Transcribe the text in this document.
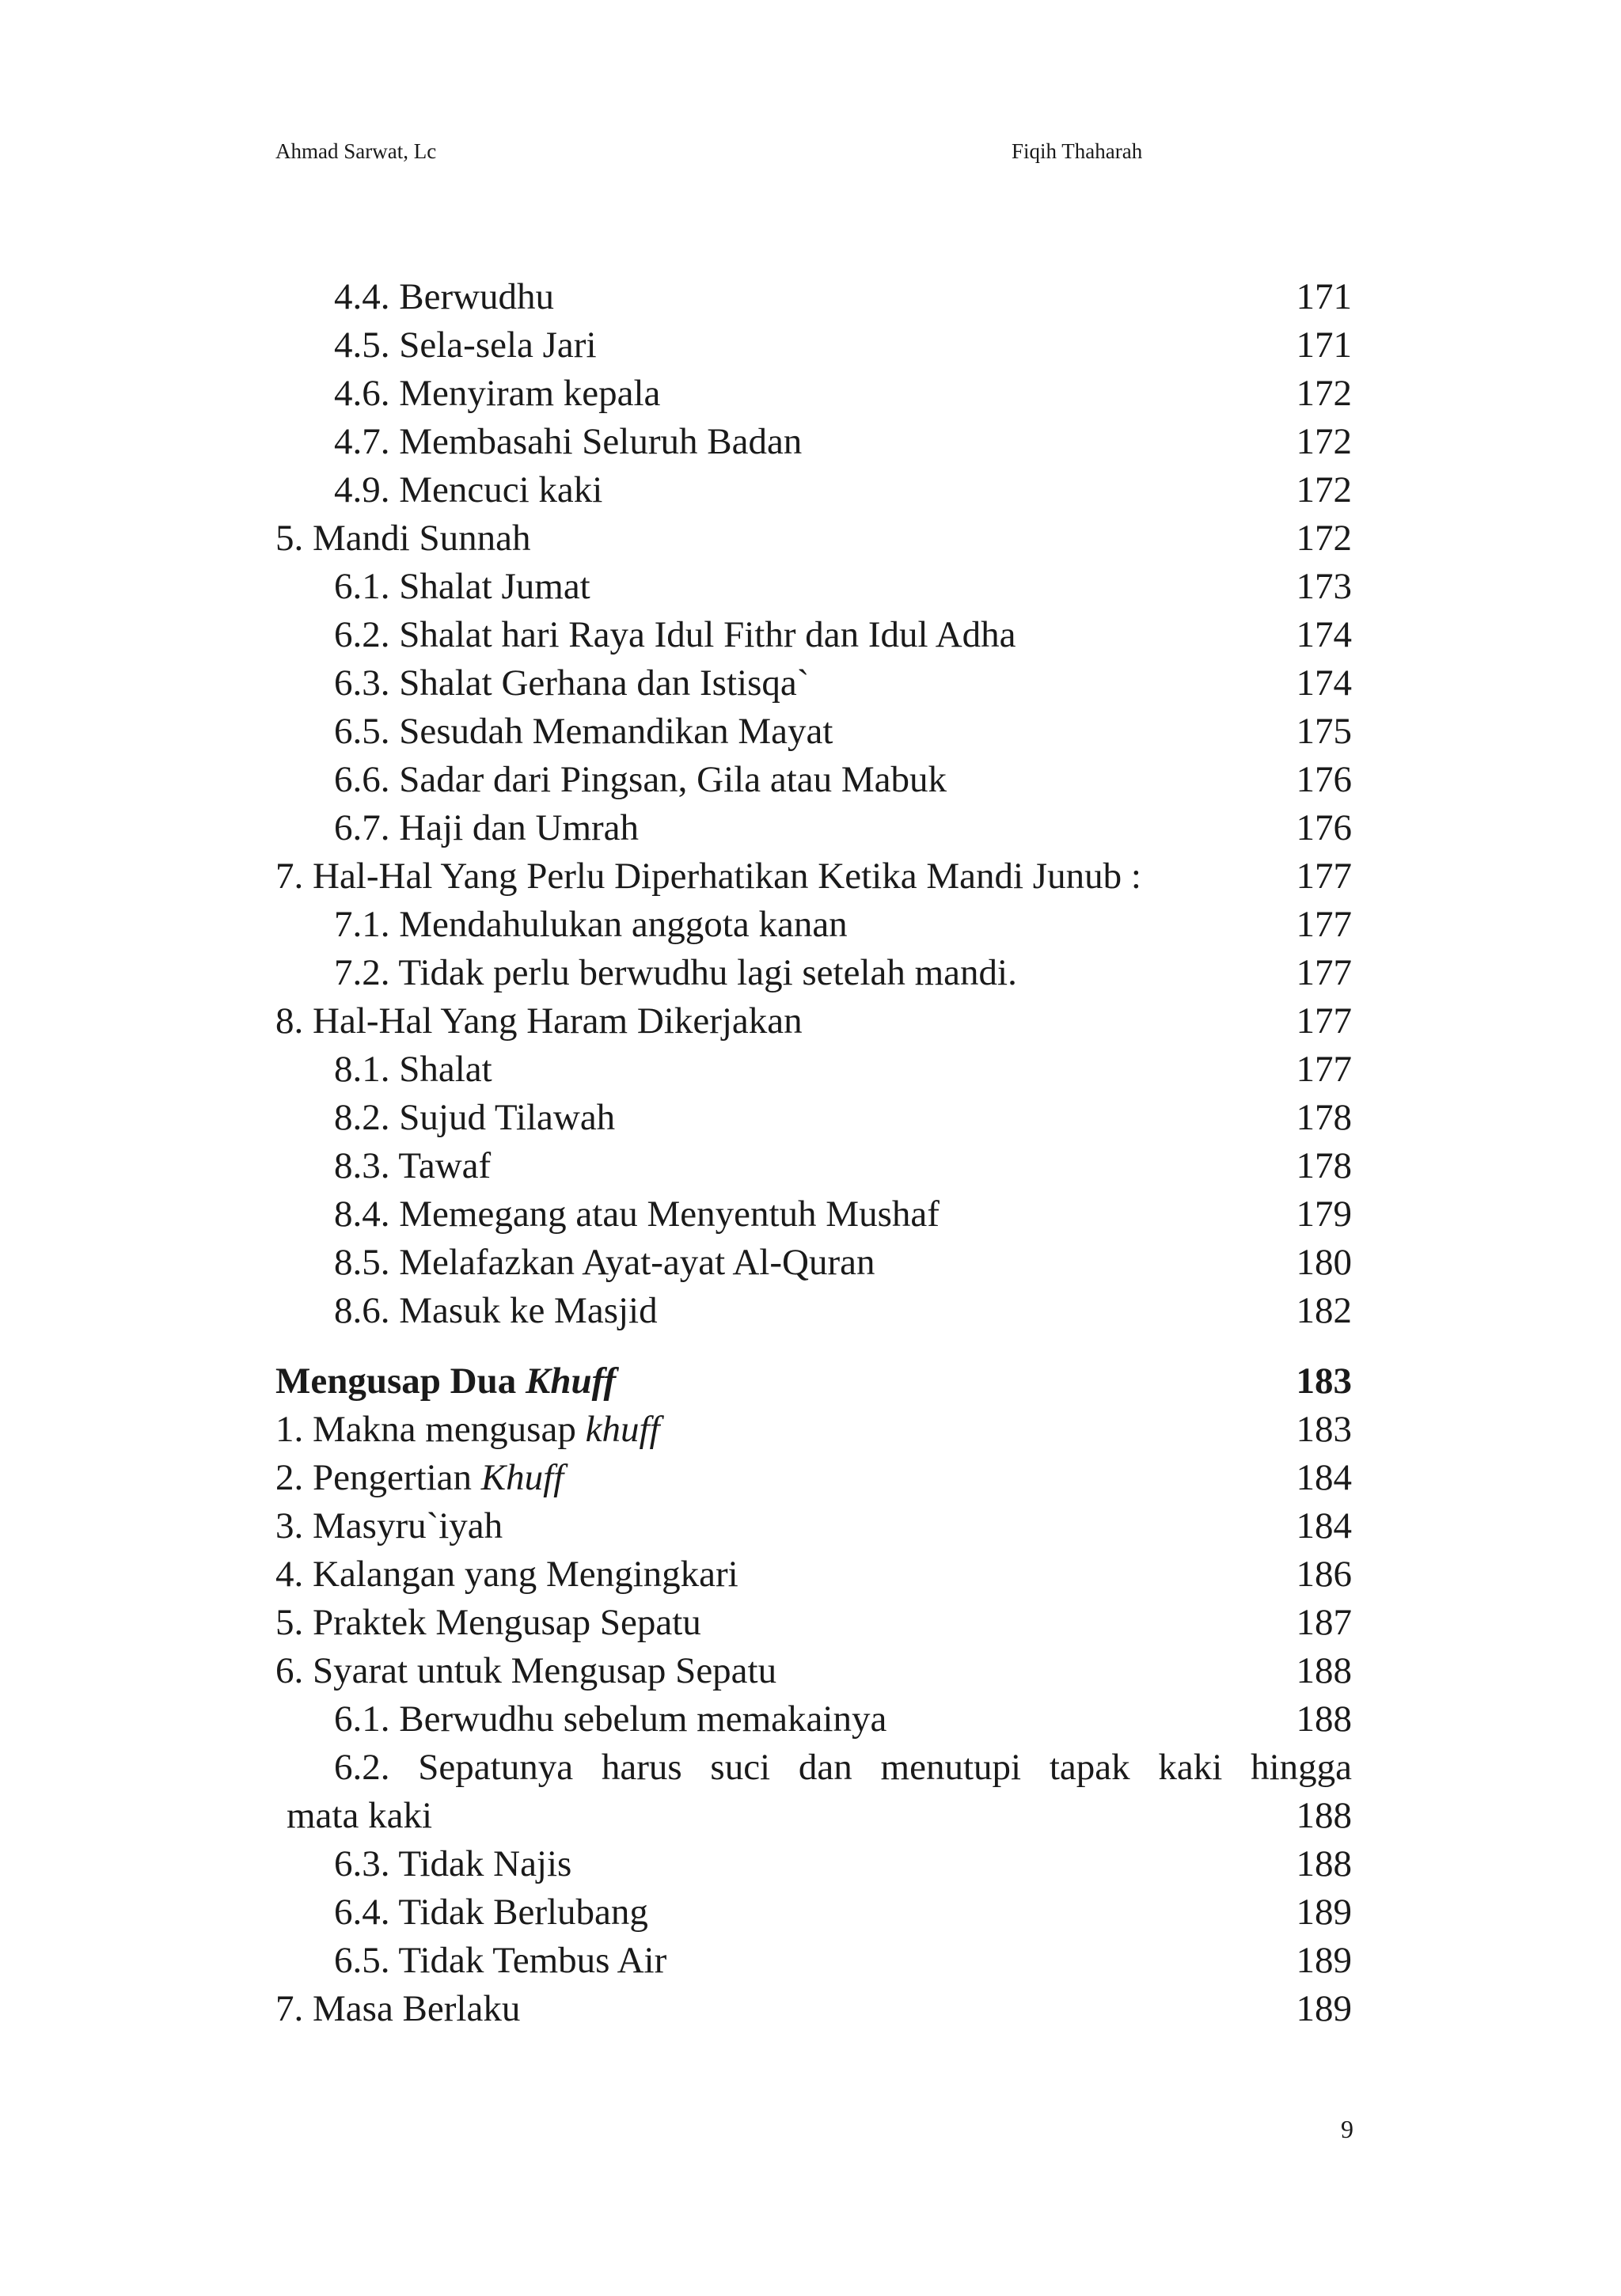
Ahmad Sarwat, Lc	Fiqih Thaharah
4.4. Berwudhu	171
4.5. Sela-sela Jari	171
4.6. Menyiram kepala	172
4.7. Membasahi Seluruh Badan	172
4.9. Mencuci kaki	172
5. Mandi Sunnah	172
6.1. Shalat Jumat	173
6.2. Shalat hari Raya Idul Fithr dan Idul Adha	174
6.3. Shalat Gerhana dan Istisqa`	174
6.5. Sesudah Memandikan Mayat	175
6.6. Sadar dari Pingsan, Gila atau Mabuk	176
6.7. Haji dan Umrah	176
7. Hal-Hal Yang Perlu Diperhatikan Ketika Mandi Junub :	177
7.1. Mendahulukan anggota kanan	177
7.2. Tidak perlu berwudhu lagi setelah mandi.	177
8. Hal-Hal Yang Haram Dikerjakan	177
8.1. Shalat	177
8.2. Sujud Tilawah	178
8.3. Tawaf	178
8.4. Memegang atau Menyentuh Mushaf	179
8.5. Melafazkan Ayat-ayat Al-Quran	180
8.6. Masuk ke Masjid	182
Mengusap Dua Khuff	183
1. Makna mengusap khuff	183
2. Pengertian Khuff	184
3. Masyru`iyah	184
4. Kalangan yang Mengingkari	186
5. Praktek Mengusap Sepatu	187
6. Syarat untuk Mengusap Sepatu	188
6.1. Berwudhu sebelum memakainya	188
6.2. Sepatunya harus suci dan menutupi tapak kaki hingga
mata kaki	188
6.3. Tidak Najis	188
6.4. Tidak Berlubang	189
6.5. Tidak Tembus Air	189
7. Masa Berlaku	189
9
